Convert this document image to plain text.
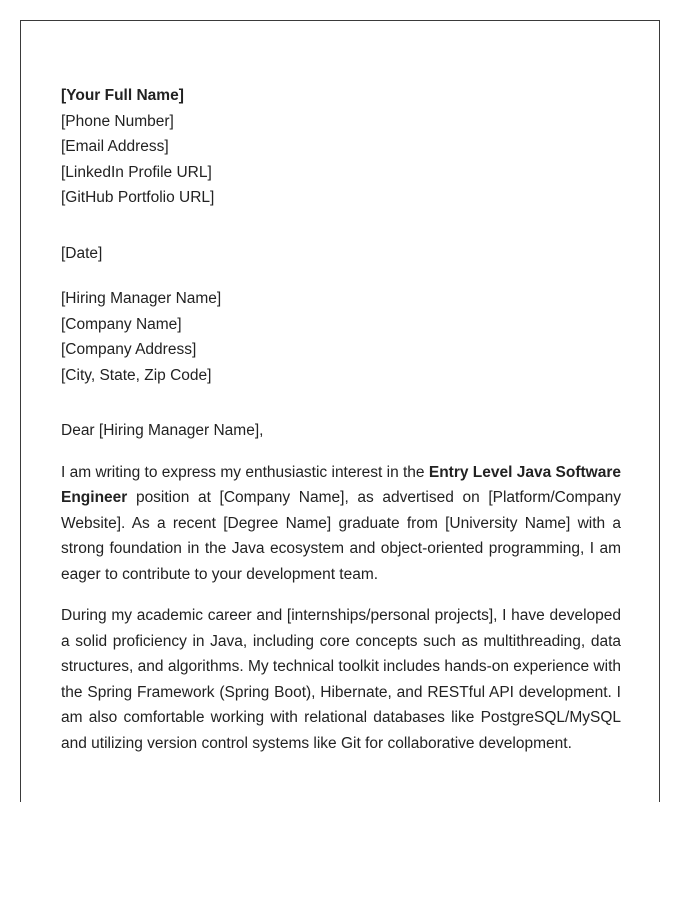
[Your Full Name]
[Phone Number]
[Email Address]
[LinkedIn Profile URL]
[GitHub Portfolio URL]
[Date]
[Hiring Manager Name]
[Company Name]
[Company Address]
[City, State, Zip Code]
Dear [Hiring Manager Name],

I am writing to express my enthusiastic interest in the Entry Level Java Software Engineer position at [Company Name], as advertised on [Platform/Company Website]. As a recent [Degree Name] graduate from [University Name] with a strong foundation in the Java ecosystem and object-oriented programming, I am eager to contribute to your development team.

During my academic career and [internships/personal projects], I have developed a solid proficiency in Java, including core concepts such as multithreading, data structures, and algorithms. My technical toolkit includes hands-on experience with the Spring Framework (Spring Boot), Hibernate, and RESTful API development. I am also comfortable working with relational databases like PostgreSQL/MySQL and utilizing version control systems like Git for collaborative development.
